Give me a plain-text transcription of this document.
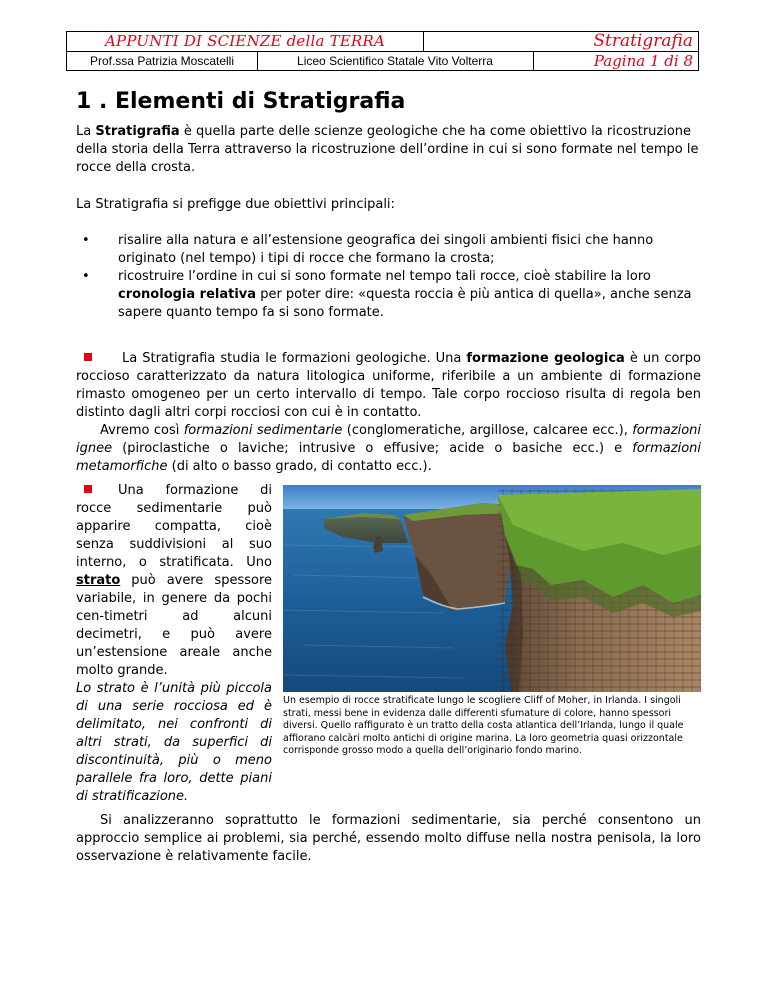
APPUNTI DI SCIENZE della TERRA	Stratigrafia
Prof.ssa Patrizia Moscatelli	Liceo Scientifico Statale Vito Volterra	Pagina 1 di 8
1 . Elementi di Stratigrafia
La Stratigrafia è quella parte delle scienze geologiche che ha come obiettivo la ricostruzione della storia della Terra attraverso la ricostruzione dell’ordine in cui si sono formate nel tempo le rocce della crosta.
La Stratigrafia si prefigge due obiettivi principali:
• risalire alla natura e all’estensione geografica dei singoli ambienti fisici che hanno originato (nel tempo) i tipi di rocce che formano la crosta;
• ricostruire l’ordine in cui si sono formate nel tempo tali rocce, cioè stabilire la loro cronologia relativa per poter dire: «questa roccia è più antica di quella», anche senza sapere quanto tempo fa si sono formate.
La Stratigrafia studia le formazioni geologiche. Una formazione geologica è un corpo roccioso caratterizzato da natura litologica uniforme, riferibile a un ambiente di formazione rimasto omogeneo per un certo intervallo di tempo. Tale corpo roccioso risulta di regola ben distinto dagli altri corpi rocciosi con cui è in contatto.
Avremo così formazioni sedimentarie (conglomeratiche, argillose, calcaree ecc.), formazioni ignee (piroclastiche o laviche; intrusive o effusive; acide o basiche ecc.) e formazioni metamorfiche (di alto o basso grado, di contatto ecc.).
Una formazione di rocce sedimentarie può apparire compatta, cioè senza suddivisioni al suo interno, o stratificata. Uno strato può avere spessore variabile, in genere da pochi cen-timetri ad alcuni decimetri, e può avere un’estensione areale anche molto grande.
Lo strato è l’unità più piccola di una serie rocciosa ed è delimitato, nei confronti di altri strati, da superfici di discontinuità, più o meno parallele fra loro, dette piani di stratificazione.
Un esempio di rocce stratificate lungo le scogliere Cliff of Moher, in Irlanda. I singoli strati, messi bene in evidenza dalle differenti sfumature di colore, hanno spessori diversi. Quello raffigurato è un tratto della costa atlantica dell’Irlanda, lungo il quale affiorano calcàri molto antichi di origine marina. La loro geometria quasi orizzontale corrisponde grosso modo a quella dell’originario fondo marino.
Si analizzeranno soprattutto le formazioni sedimentarie, sia perché consentono un approccio semplice ai problemi, sia perché, essendo molto diffuse nella nostra penisola, la loro osservazione è relativamente facile.
